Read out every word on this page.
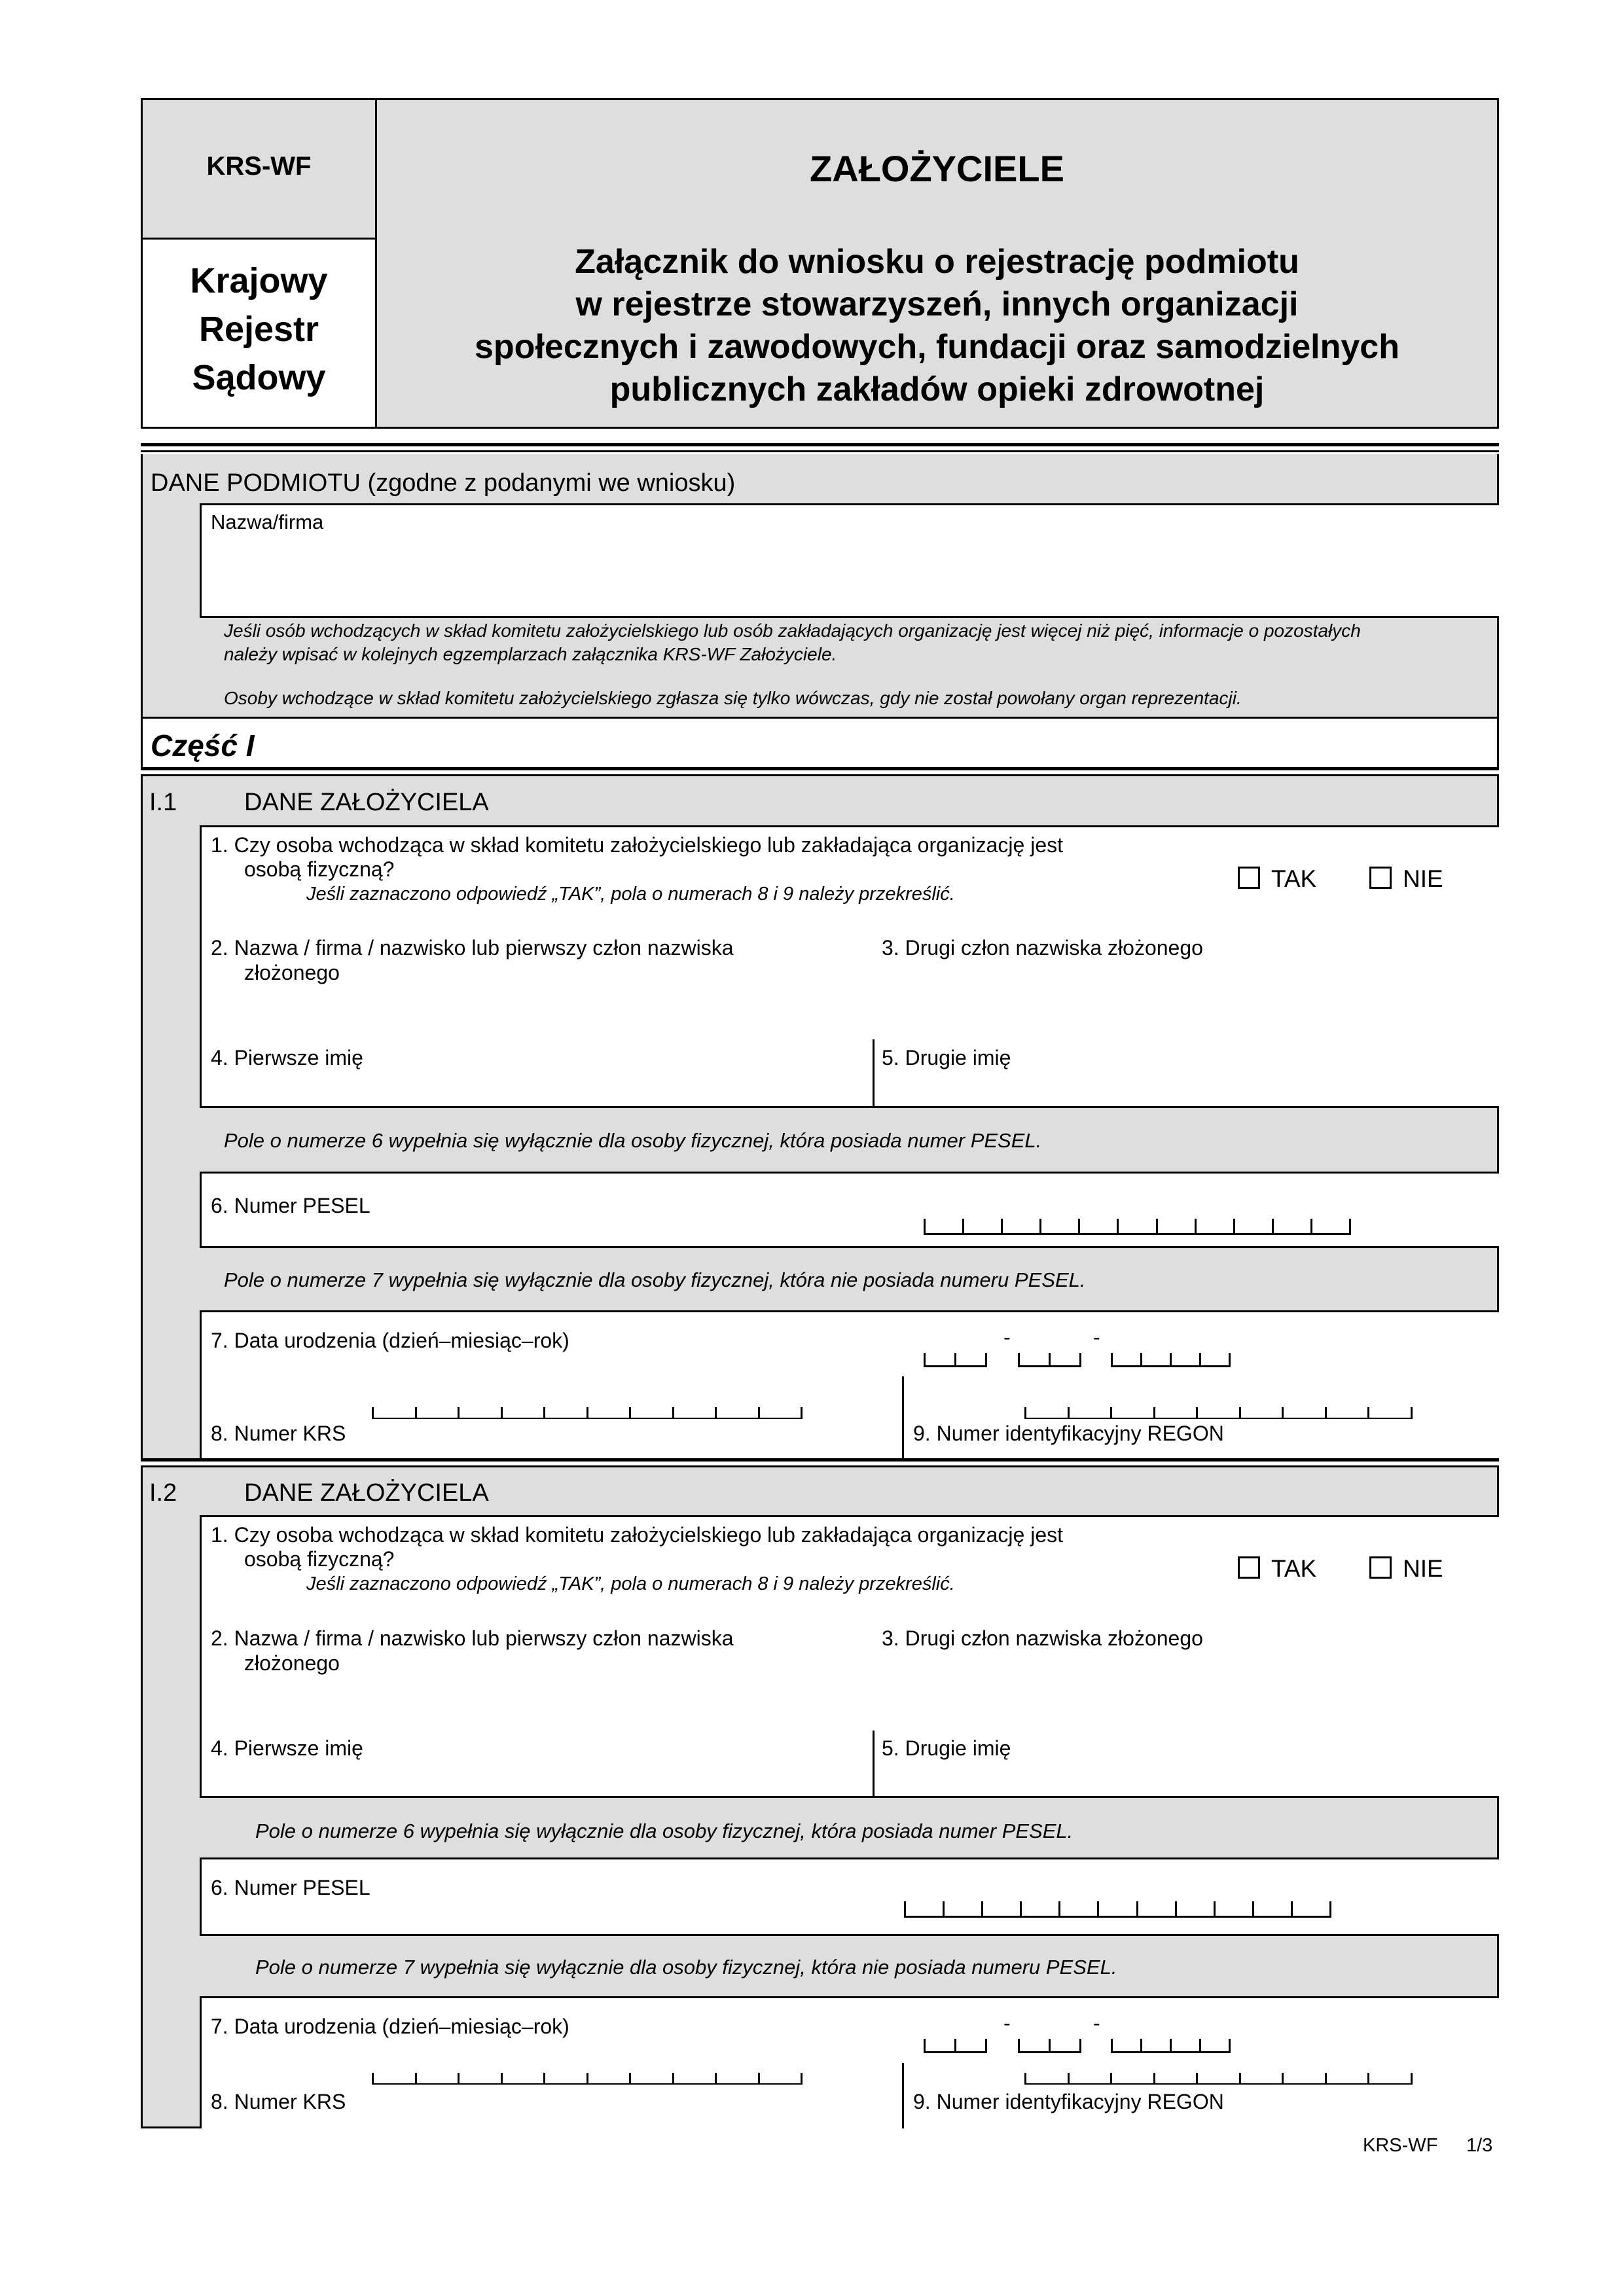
KRS-WF
Krajowy
Rejestr
Sądowy
ZAŁOŻYCIELE
Załącznik do wniosku o rejestrację podmiotu
w rejestrze stowarzyszeń, innych organizacji
społecznych i zawodowych, fundacji oraz samodzielnych
publicznych zakładów opieki zdrowotnej
DANE PODMIOTU (zgodne z podanymi we wniosku)
Nazwa/firma
Jeśli osób wchodzących w skład komitetu założycielskiego lub osób zakładających organizację jest więcej niż pięć, informacje o pozostałych
należy wpisać w kolejnych egzemplarzach załącznika KRS-WF Założyciele.
Osoby wchodzące w skład komitetu założycielskiego zgłasza się tylko wówczas, gdy nie został powołany organ reprezentacji.
Część I
I.1	DANE ZAŁOŻYCIELA
1. Czy osoba wchodząca w skład komitetu założycielskiego lub zakładająca organizację jest
osobą fizyczną?
Jeśli zaznaczono odpowiedź „TAK”, pola o numerach 8 i 9 należy przekreślić.
TAK	NIE
2. Nazwa / firma / nazwisko lub pierwszy człon nazwiska
złożonego
3. Drugi człon nazwiska złożonego
4. Pierwsze imię	5. Drugie imię
Pole o numerze 6 wypełnia się wyłącznie dla osoby fizycznej, która posiada numer PESEL.
6. Numer PESEL
Pole o numerze 7 wypełnia się wyłącznie dla osoby fizycznej, która nie posiada numeru PESEL.
7. Data urodzenia (dzień–miesiąc–rok)	-	-
8. Numer KRS	9. Numer identyfikacyjny REGON
I.2	DANE ZAŁOŻYCIELA
1. Czy osoba wchodząca w skład komitetu założycielskiego lub zakładająca organizację jest
osobą fizyczną?
Jeśli zaznaczono odpowiedź „TAK”, pola o numerach 8 i 9 należy przekreślić.
TAK	NIE
2. Nazwa / firma / nazwisko lub pierwszy człon nazwiska
złożonego
3. Drugi człon nazwiska złożonego
4. Pierwsze imię	5. Drugie imię
Pole o numerze 6 wypełnia się wyłącznie dla osoby fizycznej, która posiada numer PESEL.
6. Numer PESEL
Pole o numerze 7 wypełnia się wyłącznie dla osoby fizycznej, która nie posiada numeru PESEL.
7. Data urodzenia (dzień–miesiąc–rok)	-	-
8. Numer KRS	9. Numer identyfikacyjny REGON
KRS-WF 1/3
